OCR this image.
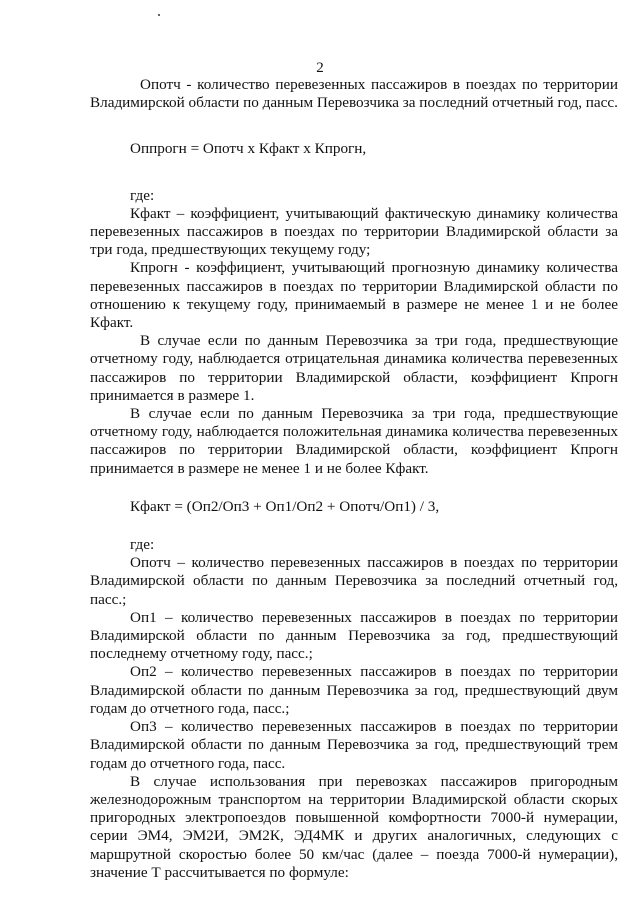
2

Опотч - количество перевезенных пассажиров в поездах по территории Владимирской области по данным Перевозчика за последний отчетный год, пасс.

Оппрогн = Опотч х Кфакт х Кпрогн,

где:

Кфакт – коэффициент, учитывающий фактическую динамику количества перевезенных пассажиров в поездах по территории Владимирской области за три года, предшествующих текущему году;

Кпрогн - коэффициент, учитывающий прогнозную динамику количества перевезенных пассажиров в поездах по территории Владимирской области по отношению к текущему году, принимаемый в размере не менее 1 и не более Кфакт.

В случае если по данным Перевозчика за три года, предшествующие отчетному году, наблюдается отрицательная динамика количества перевезенных пассажиров по территории Владимирской области, коэффициент Кпрогн принимается в размере 1.

В случае если по данным Перевозчика за три года, предшествующие отчетному году, наблюдается положительная динамика количества перевезенных пассажиров по территории Владимирской области, коэффициент Кпрогн принимается в размере не менее 1 и не более Кфакт.

Кфакт = (Оп2/Оп3 + Оп1/Оп2 + Опотч/Оп1) / 3,

где:

Опотч – количество перевезенных пассажиров в поездах по территории Владимирской области по данным Перевозчика за последний отчетный год, пасс.;

Оп1 – количество перевезенных пассажиров в поездах по территории Владимирской области по данным Перевозчика за год, предшествующий последнему отчетному году, пасс.;

Оп2 – количество перевезенных пассажиров в поездах по территории Владимирской области по данным Перевозчика за год, предшествующий двум годам до отчетного года, пасс.;

Оп3 – количество перевезенных пассажиров в поездах по территории Владимирской области по данным Перевозчика за год, предшествующий трем годам до отчетного года, пасс.

В случае использования при перевозках пассажиров пригородным железнодорожным транспортом на территории Владимирской области скорых пригородных электропоездов повышенной комфортности 7000-й нумерации, серии ЭМ4, ЭМ2И, ЭМ2К, ЭД4МК и других аналогичных, следующих с маршрутной скоростью более 50 км/час (далее – поезда 7000-й нумерации), значение Т рассчитывается по формуле:
